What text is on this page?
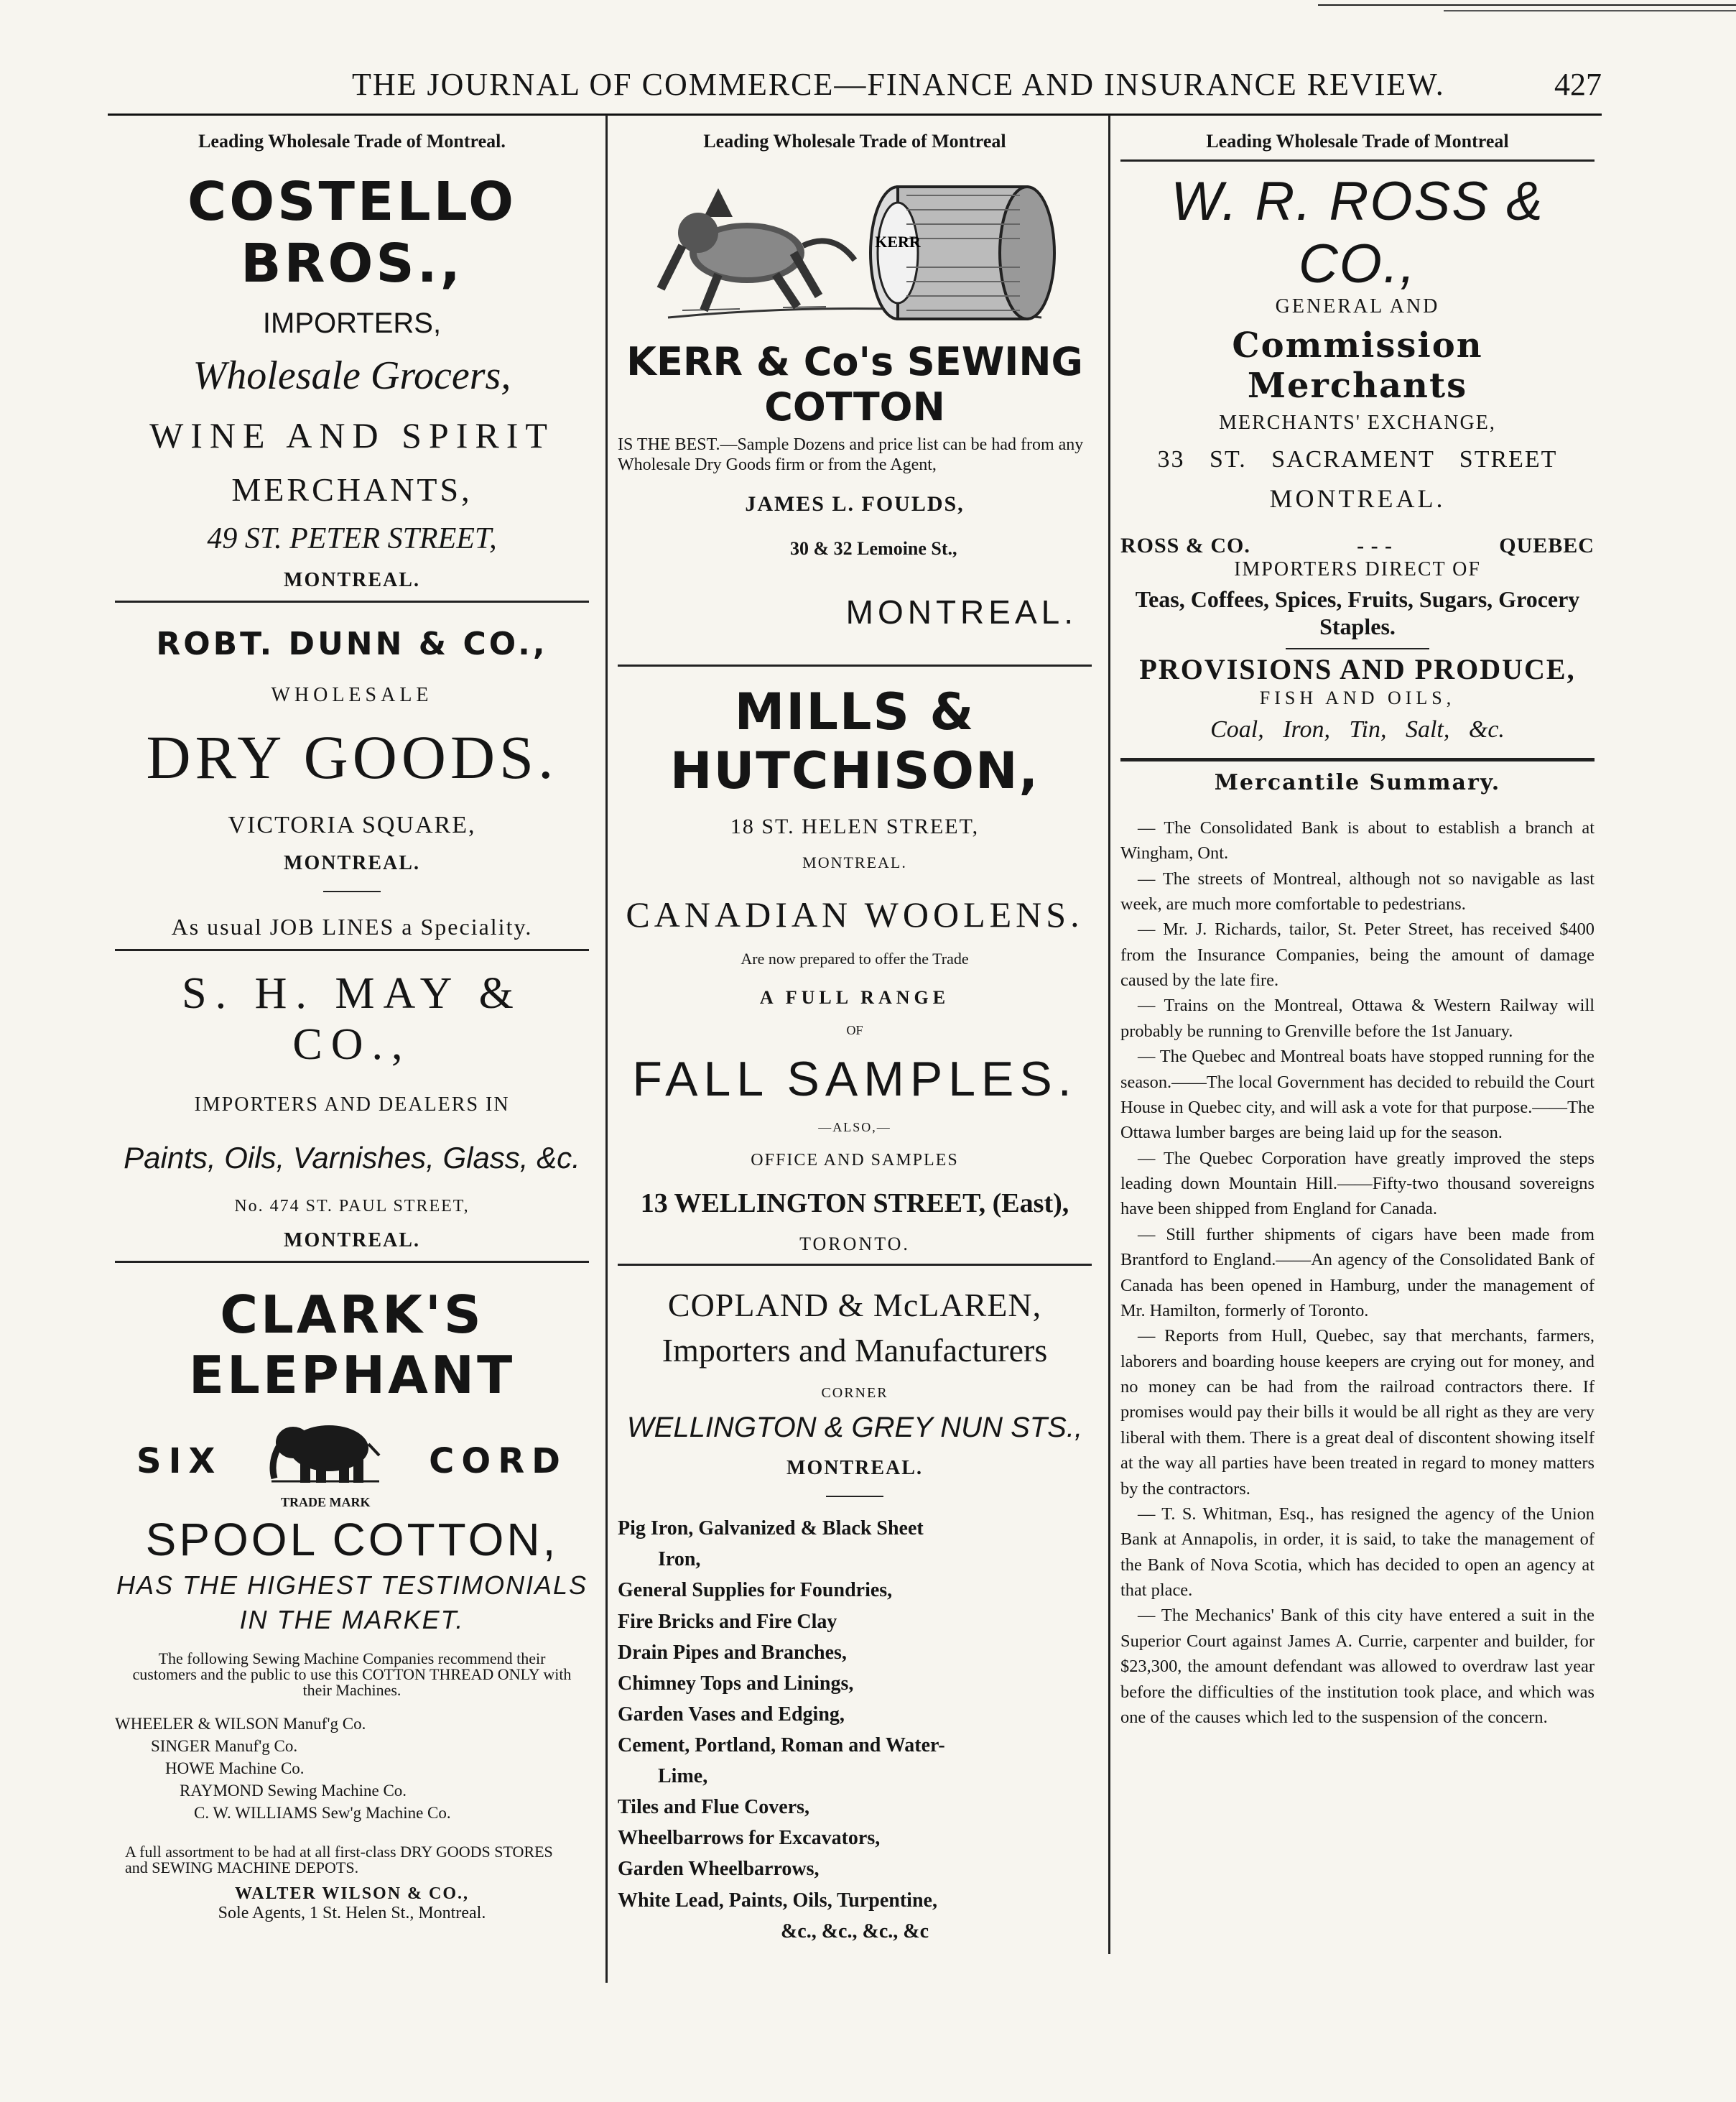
THE JOURNAL OF COMMERCE—FINANCE AND INSURANCE REVIEW.	427
Leading Wholesale Trade of Montreal.

COSTELLO BROS.,

IMPORTERS,

Wholesale Grocers,

WINE AND SPIRIT

MERCHANTS,

49 ST. PETER STREET,

MONTREAL.

ROBT. DUNN & CO.,

WHOLESALE

DRY GOODS.

VICTORIA SQUARE,

MONTREAL.

As usual JOB LINES a Speciality.

S. H. MAY & CO.,

IMPORTERS AND DEALERS IN

Paints, Oils, Varnishes, Glass, &c.

No. 474 ST. PAUL STREET,

MONTREAL.

CLARK'S ELEPHANT

SIX
TRADE MARK
CORD

SPOOL COTTON,

HAS THE HIGHEST TESTIMONIALS

IN THE MARKET.

The following Sewing Machine Companies recommend their customers and the public to use this COTTON THREAD ONLY with their Machines.

WHEELER & WILSON Manuf'g Co.
SINGER Manuf'g Co.
HOWE Machine Co.
RAYMOND Sewing Machine Co.
C. W. WILLIAMS Sew'g Machine Co.

A full assortment to be had at all first-class DRY GOODS STORES and SEWING MACHINE DEPOTS.

WALTER WILSON & CO.,

Sole Agents, 1 St. Helen St., Montreal.

Leading Wholesale Trade of Montreal
KERR

KERR & Co's SEWING COTTON

IS THE BEST.—Sample Dozens and price list can be had from any Wholesale Dry Goods firm or from the Agent,

JAMES L. FOULDS,

30 & 32 Lemoine St.,

MONTREAL.

MILLS & HUTCHISON,

18 ST. HELEN STREET,

MONTREAL.

CANADIAN WOOLENS.

Are now prepared to offer the Trade

A FULL RANGE

OF

FALL SAMPLES.

—ALSO,—

OFFICE AND SAMPLES

13 WELLINGTON STREET, (East),

TORONTO.

COPLAND & McLAREN,

Importers and Manufacturers

CORNER

WELLINGTON & GREY NUN STS.,

MONTREAL.

Pig Iron, Galvanized & Black Sheet
Iron,
General Supplies for Foundries,
Fire Bricks and Fire Clay
Drain Pipes and Branches,
Chimney Tops and Linings,
Garden Vases and Edging,
Cement, Portland, Roman and Water-
Lime,
Tiles and Flue Covers,
Wheelbarrows for Excavators,
Garden Wheelbarrows,
White Lead, Paints, Oils, Turpentine,

&c., &c., &c., &c

Leading Wholesale Trade of Montreal

W. R. ROSS & CO.,

GENERAL AND

Commission Merchants

MERCHANTS' EXCHANGE,

33 ST. SACRAMENT STREET

MONTREAL.

ROSS & CO.	- - -	QUEBEC

IMPORTERS DIRECT OF

Teas, Coffees, Spices, Fruits, Sugars, Grocery Staples.

PROVISIONS AND PRODUCE,

FISH AND OILS,

Coal, Iron, Tin, Salt, &c.

Mercantile Summary.

— The Consolidated Bank is about to establish a branch at Wingham, Ont.

— The streets of Montreal, although not so navigable as last week, are much more comfortable to pedestrians.

— Mr. J. Richards, tailor, St. Peter Street, has received $400 from the Insurance Companies, being the amount of damage caused by the late fire.

— Trains on the Montreal, Ottawa & Western Railway will probably be running to Grenville before the 1st January.

— The Quebec and Montreal boats have stopped running for the season.——The local Government has decided to rebuild the Court House in Quebec city, and will ask a vote for that purpose.——The Ottawa lumber barges are being laid up for the season.

— The Quebec Corporation have greatly improved the steps leading down Mountain Hill.——Fifty-two thousand sovereigns have been shipped from England for Canada.

— Still further shipments of cigars have been made from Brantford to England.——An agency of the Consolidated Bank of Canada has been opened in Hamburg, under the management of Mr. Hamilton, formerly of Toronto.

— Reports from Hull, Quebec, say that merchants, farmers, laborers and boarding house keepers are crying out for money, and no money can be had from the railroad contractors there. If promises would pay their bills it would be all right as they are very liberal with them. There is a great deal of discontent showing itself at the way all parties have been treated in regard to money matters by the contractors.

— T. S. Whitman, Esq., has resigned the agency of the Union Bank at Annapolis, in order, it is said, to take the management of the Bank of Nova Scotia, which has decided to open an agency at that place.

— The Mechanics' Bank of this city have entered a suit in the Superior Court against James A. Currie, carpenter and builder, for $23,300, the amount defendant was allowed to overdraw last year before the difficulties of the institution took place, and which was one of the causes which led to the suspension of the concern.
